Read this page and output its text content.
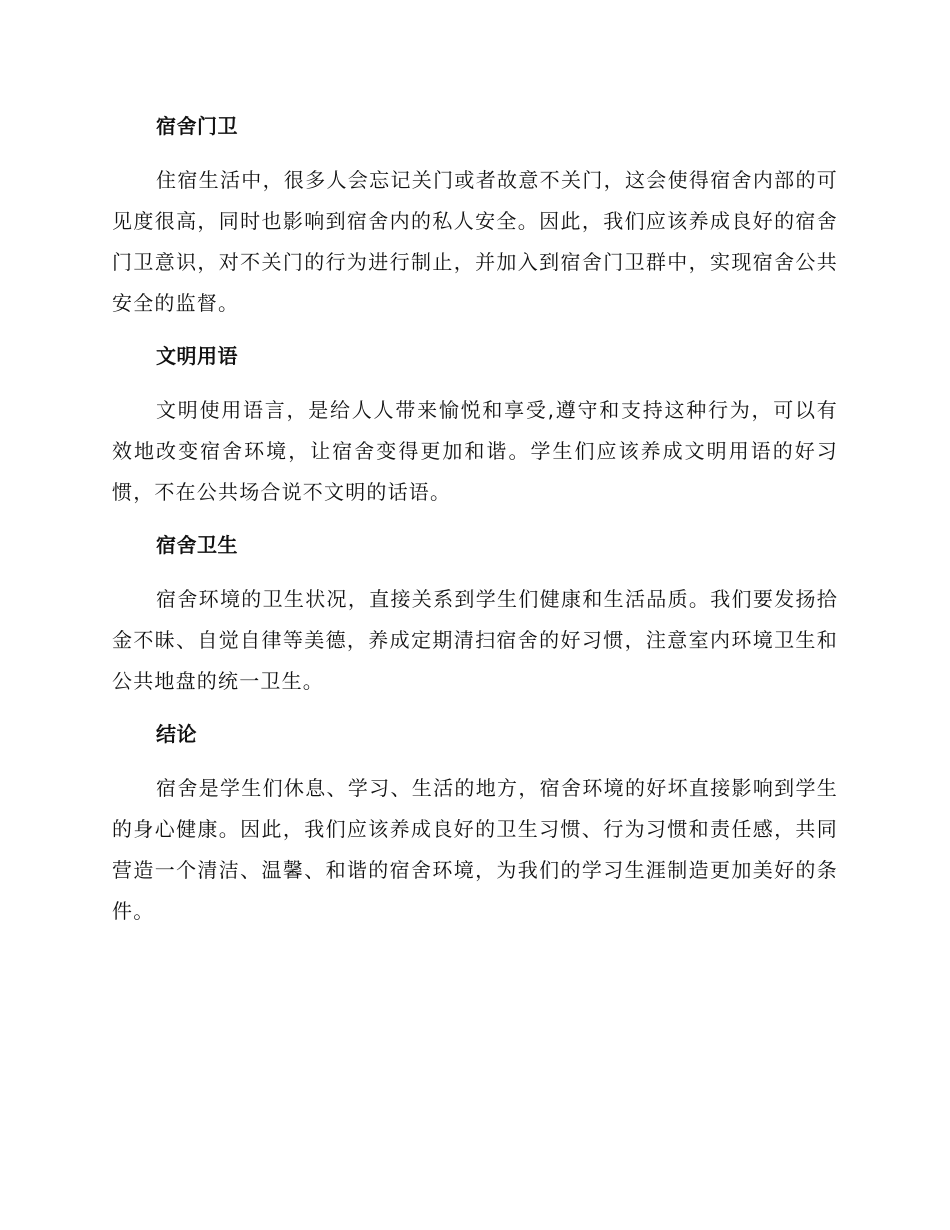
宿舍门卫

住宿生活中，很多人会忘记关门或者故意不关门，这会使得宿舍内部的可见度很高，同时也影响到宿舍内的私人安全。因此，我们应该养成良好的宿舍门卫意识，对不关门的行为进行制止，并加入到宿舍门卫群中，实现宿舍公共安全的监督。

文明用语

文明使用语言，是给人人带来愉悦和享受,遵守和支持这种行为，可以有效地改变宿舍环境，让宿舍变得更加和谐。学生们应该养成文明用语的好习惯，不在公共场合说不文明的话语。

宿舍卫生

宿舍环境的卫生状况，直接关系到学生们健康和生活品质。我们要发扬拾金不昧、自觉自律等美德，养成定期清扫宿舍的好习惯，注意室内环境卫生和公共地盘的统一卫生。

结论

宿舍是学生们休息、学习、生活的地方，宿舍环境的好坏直接影响到学生的身心健康。因此，我们应该养成良好的卫生习惯、行为习惯和责任感，共同营造一个清洁、温馨、和谐的宿舍环境，为我们的学习生涯制造更加美好的条件。
